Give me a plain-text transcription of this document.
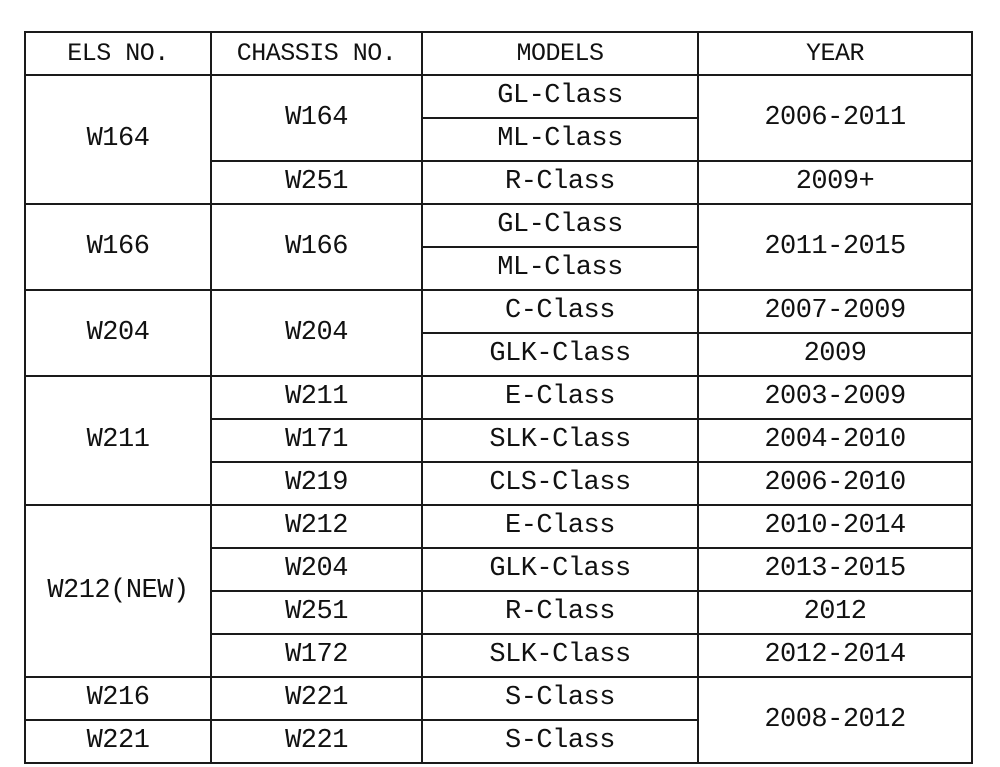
ELS NO.	CHASSIS NO.	MODELS	YEAR
W164	W164	GL-Class	2006-2011
		ML-Class	
	W251	R-Class	2009+
W166	W166	GL-Class	2011-2015
		ML-Class	
W204	W204	C-Class	2007-2009
		GLK-Class	2009
W211	W211	E-Class	2003-2009
	W171	SLK-Class	2004-2010
	W219	CLS-Class	2006-2010
W212(NEW)	W212	E-Class	2010-2014
	W204	GLK-Class	2013-2015
	W251	R-Class	2012
	W172	SLK-Class	2012-2014
W216	W221	S-Class	2008-2012
W221	W221	S-Class	
